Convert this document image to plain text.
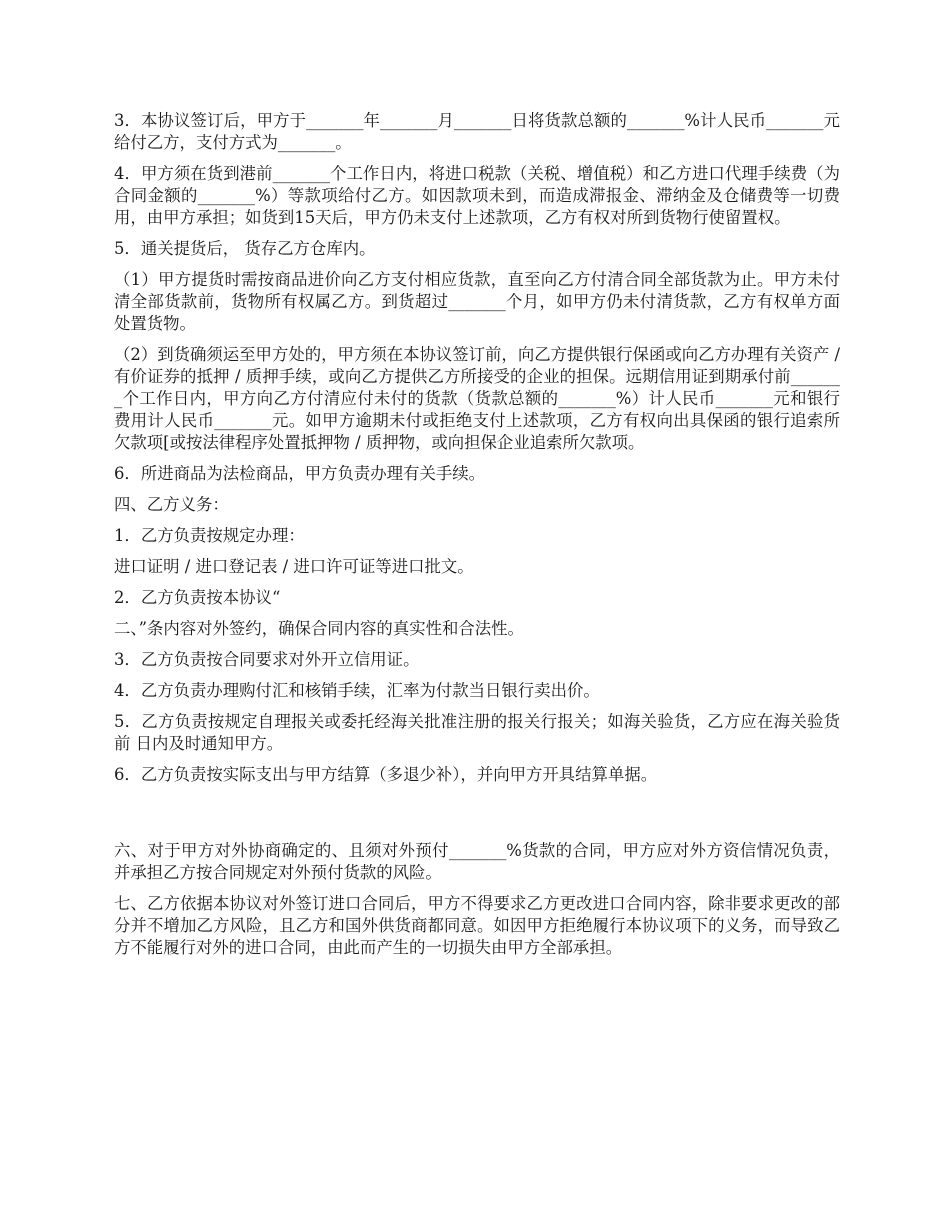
3．本协议签订后，甲方于_______年_______月_______日将货款总额的_______%计人民币_______元给付乙方，支付方式为_______。

4．甲方须在货到港前_______个工作日内，将进口税款（关税、增值税）和乙方进口代理手续费（为合同金额的_______%）等款项给付乙方。如因款项未到，而造成滞报金、滞纳金及仓储费等一切费用，由甲方承担；如货到15天后，甲方仍未支付上述款项，乙方有权对所到货物行使留置权。

5．通关提货后， 货存乙方仓库内。

（1）甲方提货时需按商品进价向乙方支付相应货款，直至向乙方付清合同全部货款为止。甲方未付清全部货款前，货物所有权属乙方。到货超过_______个月，如甲方仍未付清货款，乙方有权单方面处置货物。

（2）到货确须运至甲方处的，甲方须在本协议签订前，向乙方提供银行保函或向乙方办理有关资产 / 有价证券的抵押 / 质押手续，或向乙方提供乙方所接受的企业的担保。远期信用证到期承付前_______个工作日内，甲方向乙方付清应付未付的货款（货款总额的_______%）计人民币_______元和银行费用计人民币_______元。如甲方逾期未付或拒绝支付上述款项，乙方有权向出具保函的银行追索所欠款项[或按法律程序处置抵押物 / 质押物，或向担保企业追索所欠款项。

6．所进商品为法检商品，甲方负责办理有关手续。

四、乙方义务：

1．乙方负责按规定办理：

进口证明 / 进口登记表 / 进口许可证等进口批文。

2．乙方负责按本协议“

二、”条内容对外签约，确保合同内容的真实性和合法性。

3．乙方负责按合同要求对外开立信用证。

4．乙方负责办理购付汇和核销手续，汇率为付款当日银行卖出价。

5．乙方负责按规定自理报关或委托经海关批准注册的报关行报关；如海关验货，乙方应在海关验货前 日内及时通知甲方。

6．乙方负责按实际支出与甲方结算（多退少补），并向甲方开具结算单据。

六、对于甲方对外协商确定的、且须对外预付_______%货款的合同，甲方应对外方资信情况负责，并承担乙方按合同规定对外预付货款的风险。

七、乙方依据本协议对外签订进口合同后，甲方不得要求乙方更改进口合同内容，除非要求更改的部分并不增加乙方风险，且乙方和国外供货商都同意。如因甲方拒绝履行本协议项下的义务，而导致乙方不能履行对外的进口合同，由此而产生的一切损失由甲方全部承担。
